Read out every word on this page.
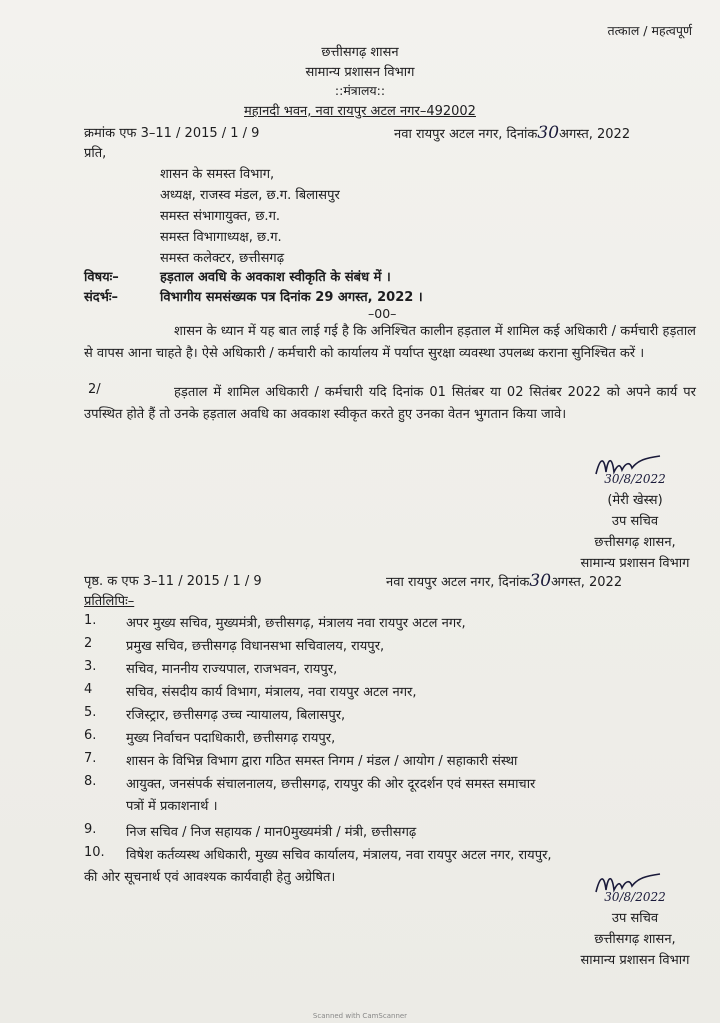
तत्काल / महत्वपूर्ण
छत्तीसगढ़ शासन
सामान्य प्रशासन विभाग
::मंत्रालय::
महानदी भवन, नवा रायपुर अटल नगर–492002
क्रमांक एफ 3–11 / 2015 / 1 / 9	नवा रायपुर अटल नगर, दिनांक30अगस्त, 2022
प्रति,
शासन के समस्त विभाग,
अध्यक्ष, राजस्व मंडल, छ.ग. बिलासपुर
समस्त संभागायुक्त, छ.ग.
समस्त विभागाध्यक्ष, छ.ग.
समस्त कलेक्टर, छत्तीसगढ़
विषयः–	हड़ताल अवधि के अवकाश स्वीकृति के संबंध में ।
संदर्भः–	विभागीय समसंख्यक पत्र दिनांक 29 अगस्त, 2022 ।
–00–
शासन के ध्यान में यह बात लाई गई है कि अनिश्चित कालीन हड़ताल में शामिल कई अधिकारी / कर्मचारी हड़ताल से वापस आना चाहते है। ऐसे अधिकारी / कर्मचारी को कार्यालय में पर्याप्त सुरक्षा व्यवस्था उपलब्ध कराना सुनिश्चित करें ।
2/	हड़ताल में शामिल अधिकारी / कर्मचारी यदि दिनांक 01 सितंबर या 02 सितंबर 2022 को अपने कार्य पर उपस्थित होते हैं तो उनके हड़ताल अवधि का अवकाश स्वीकृत करते हुए उनका वेतन भुगतान किया जावे।
30/8/2022
(मेरी खेस्स)
उप सचिव
छत्तीसगढ़ शासन,
सामान्य प्रशासन विभाग
पृष्ठ. क एफ 3–11 / 2015 / 1 / 9	नवा रायपुर अटल नगर, दिनांक30अगस्त, 2022
प्रतिलिपिः–
1. अपर मुख्य सचिव, मुख्यमंत्री, छत्तीसगढ़, मंत्रालय नवा रायपुर अटल नगर,
2	प्रमुख सचिव, छत्तीसगढ़ विधानसभा सचिवालय, रायपुर,
3. सचिव, माननीय राज्यपाल, राजभवन, रायपुर,
4	सचिव, संसदीय कार्य विभाग, मंत्रालय, नवा रायपुर अटल नगर,
5. रजिस्ट्रार, छत्तीसगढ़ उच्च न्यायालय, बिलासपुर,
6. मुख्य निर्वाचन पदाधिकारी, छत्तीसगढ़ रायपुर,
7. शासन के विभिन्न विभाग द्वारा गठित समस्त निगम / मंडल / आयोग / सहाकारी संस्था
8. आयुक्त, जनसंपर्क संचालनालय, छत्तीसगढ़, रायपुर की ओर दूरदर्शन एवं समस्त समाचार
पत्रों में प्रकाशनार्थ ।
9. निज सचिव / निज सहायक / मान0मुख्यमंत्री / मंत्री, छत्तीसगढ़
10. विषेश कर्तव्यस्थ अधिकारी, मुख्य सचिव कार्यालय, मंत्रालय, नवा रायपुर अटल नगर, रायपुर,
की ओर सूचनार्थ एवं आवश्यक कार्यवाही हेतु अग्रेषित।
30/8/2022
उप सचिव
छत्तीसगढ़ शासन,
सामान्य प्रशासन विभाग
Scanned with CamScanner
